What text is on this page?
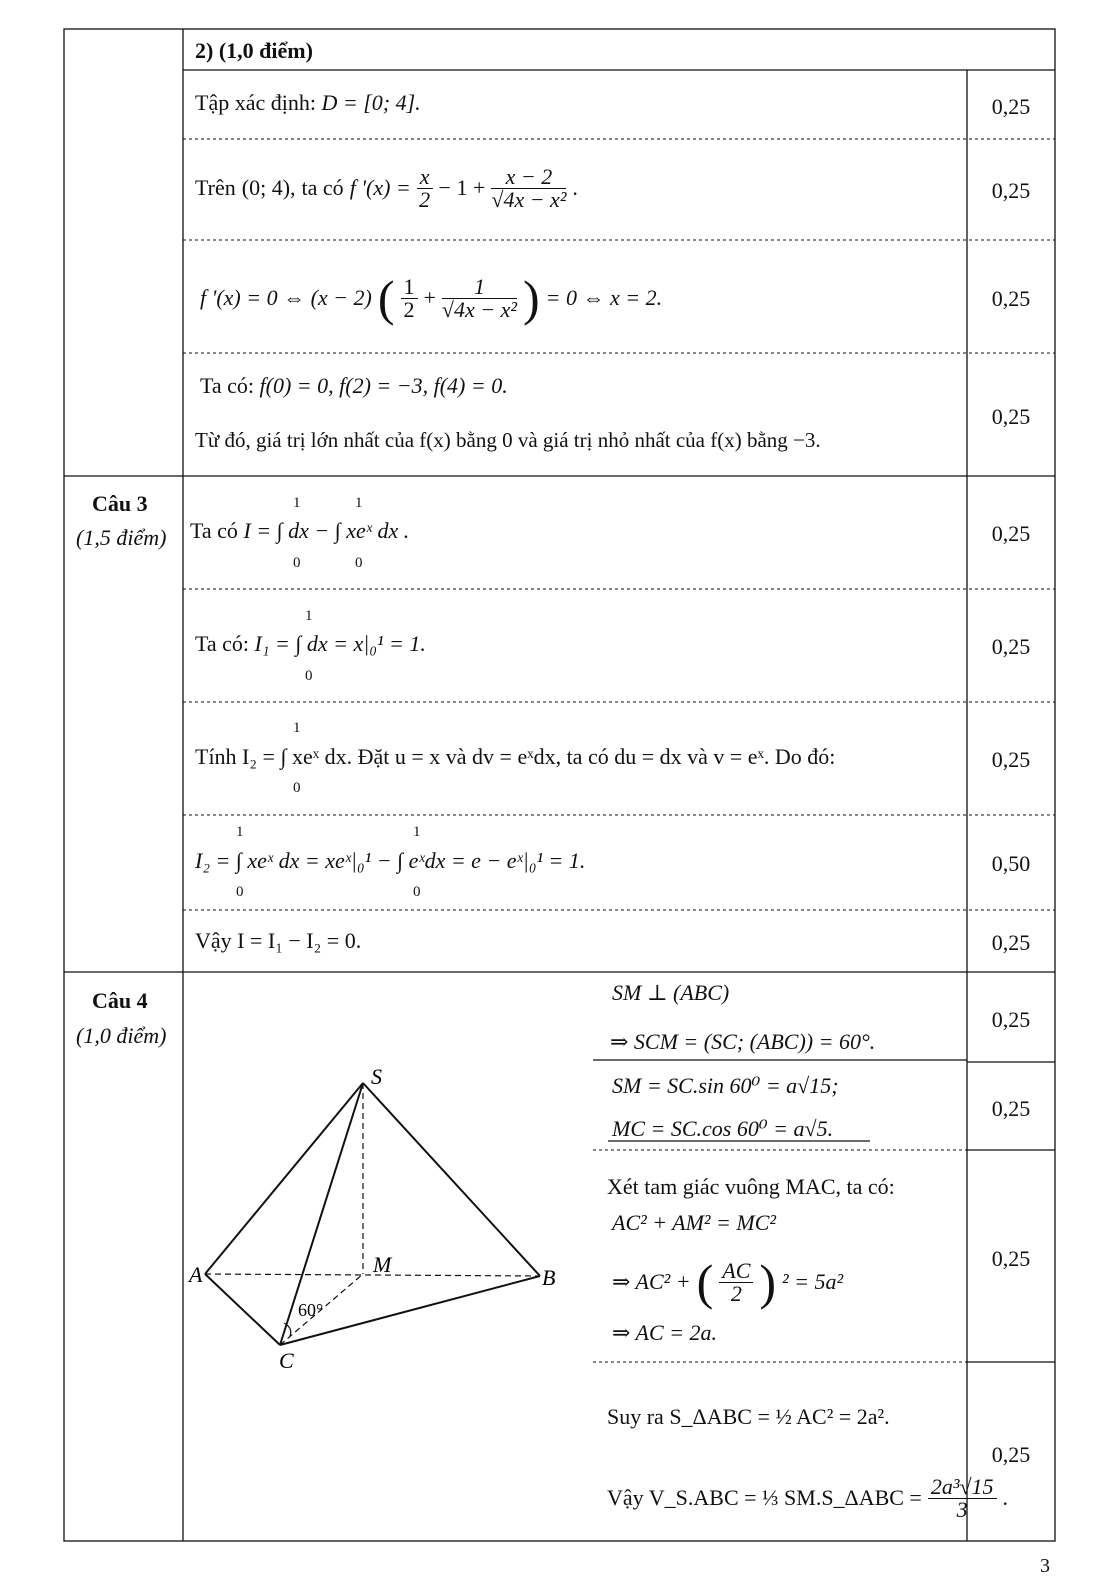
2) (1,0 điểm)
Tập xác định: D = [0; 4].
Trên (0; 4), ta có f '$(x) = \frac{x}{2} - 1 + \frac{x - 2}{\text{√4x − x²}}$ .
f '(x) = 0 ⇔ (x − 2) ( $\frac{1}{2} + \frac{1}{\text{√4x − x²}}$ ) = 0 ⇔ x = 2.
Ta có: f(0) = 0, f(2) = −3, f(4) = 0.
Từ đó, giá trị lớn nhất của f(x) bằng 0 và giá trị nhỏ nhất của f(x) bằng −3.
0,25
0,25
0,25
0,25
Câu 3
(1,5 điểm) Ta có I = ∫ dx − ∫ xeˣ dx .
1
0
1
0
Ta có: I₁ = ∫ dx = x|₀¹ = 1.
1
0
Tính I₂ = ∫ xeˣ dx. Đặt u = x và dv = eˣdx, ta có du = dx và v = eˣ. Do đó:
1
0
I₂ = ∫ xeˣ dx = xeˣ|₀¹ − ∫ eˣdx = e − eˣ|₀¹ = 1.
1
0
1
0
Vậy I = I₁ − I₂ = 0.
0,25
0,25
0,25
0,50
0,25
Câu 4
(1,0 điểm)
S
A	B
C
M
60°
SM ⊥ (ABC)
⇒ SCM = (SC; (ABC)) = 60°.
SM = SC.sin 60⁰ = a√15;
MC = SC.cos 60⁰ = a√5.
Xét tam giác vuông MAC, ta có:
AC² + AM² = MC²
⇒ AC² + ( $\frac{AC}{2}$ ) ² = 5a²
⇒ AC = 2a.
Suy ra S_ΔABC = ½ AC² = 2a².
Vậy V_S.ABC = ⅓ SM.S_ΔABC = $\frac{\text{2a³√15}}{3}$ .
0,25
0,25
0,25
0,25
3
